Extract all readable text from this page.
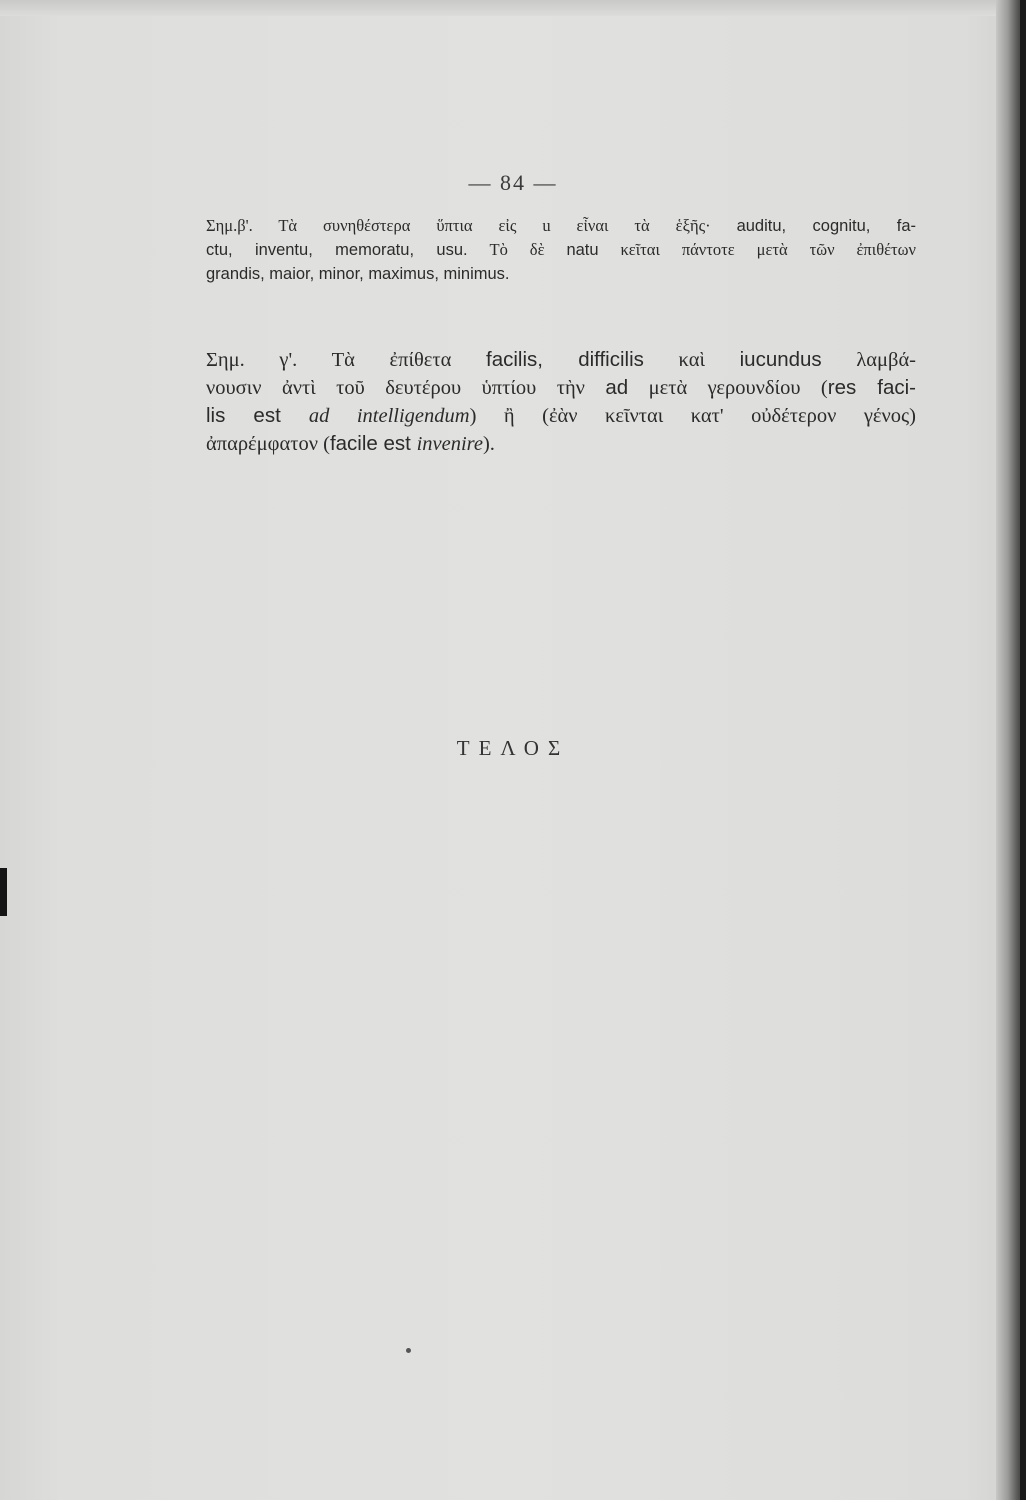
— 84 —
Σημ.β'. Τὰ συνηθέστερα ὕπτια εἰς u εἶναι τὰ ἑξῆς· auditu, cognitu, fa-
ctu, inventu, memoratu, usu. Τὸ δὲ natu κεῖται πάντοτε μετὰ τῶν ἐπιθέτων
grandis, maior, minor, maximus, minimus.
Σημ. γ'. Τὰ ἐπίθετα facilis, difficilis καὶ iucundus λαμβά-
νουσιν ἀντὶ τοῦ δευτέρου ὑπτίου τὴν ad μετὰ γερουνδίου (res faci-
lis est ad intelligendum) ἢ (ἐὰν κεῖνται κατ' οὐδέτερον γένος)
ἀπαρέμφατον (facile est invenire).
ΤΕΛΟΣ
